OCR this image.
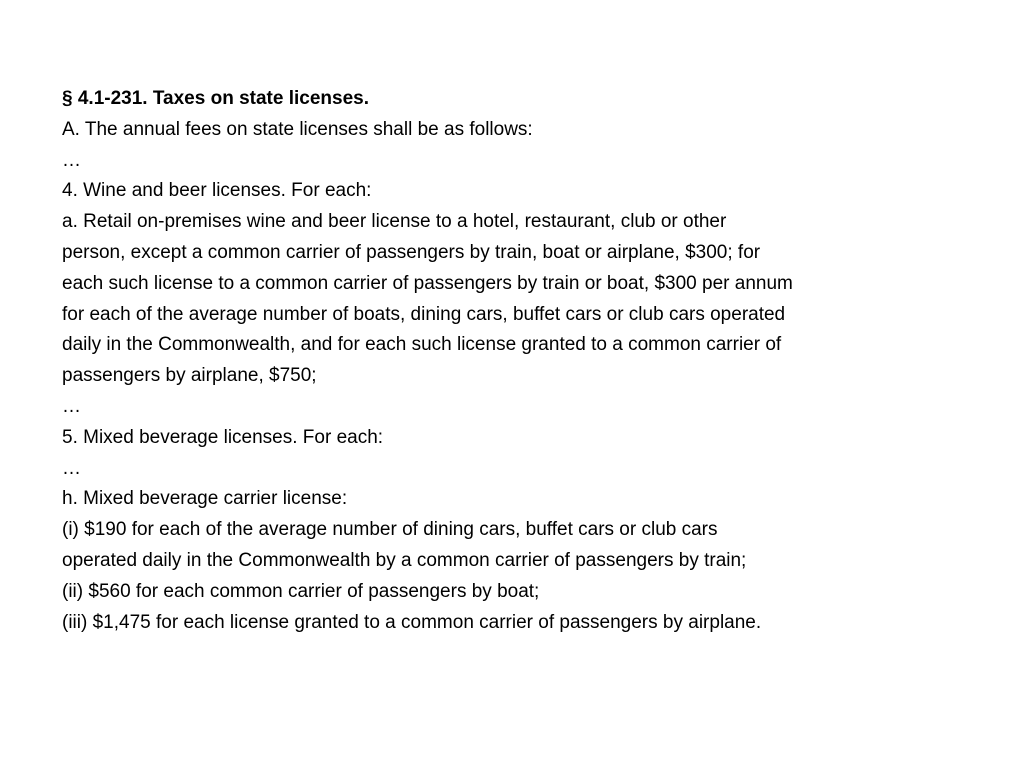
§ 4.1-231. Taxes on state licenses.
A. The annual fees on state licenses shall be as follows:
…
4. Wine and beer licenses. For each:
a. Retail on-premises wine and beer license to a hotel, restaurant, club or other
person, except a common carrier of passengers by train, boat or airplane, $300; for
each such license to a common carrier of passengers by train or boat, $300 per annum
for each of the average number of boats, dining cars, buffet cars or club cars operated
daily in the Commonwealth, and for each such license granted to a common carrier of
passengers by airplane, $750;
…
5. Mixed beverage licenses. For each:
…
h. Mixed beverage carrier license:
(i) $190 for each of the average number of dining cars, buffet cars or club cars
operated daily in the Commonwealth by a common carrier of passengers by train;
(ii) $560 for each common carrier of passengers by boat;
(iii) $1,475 for each license granted to a common carrier of passengers by airplane.
